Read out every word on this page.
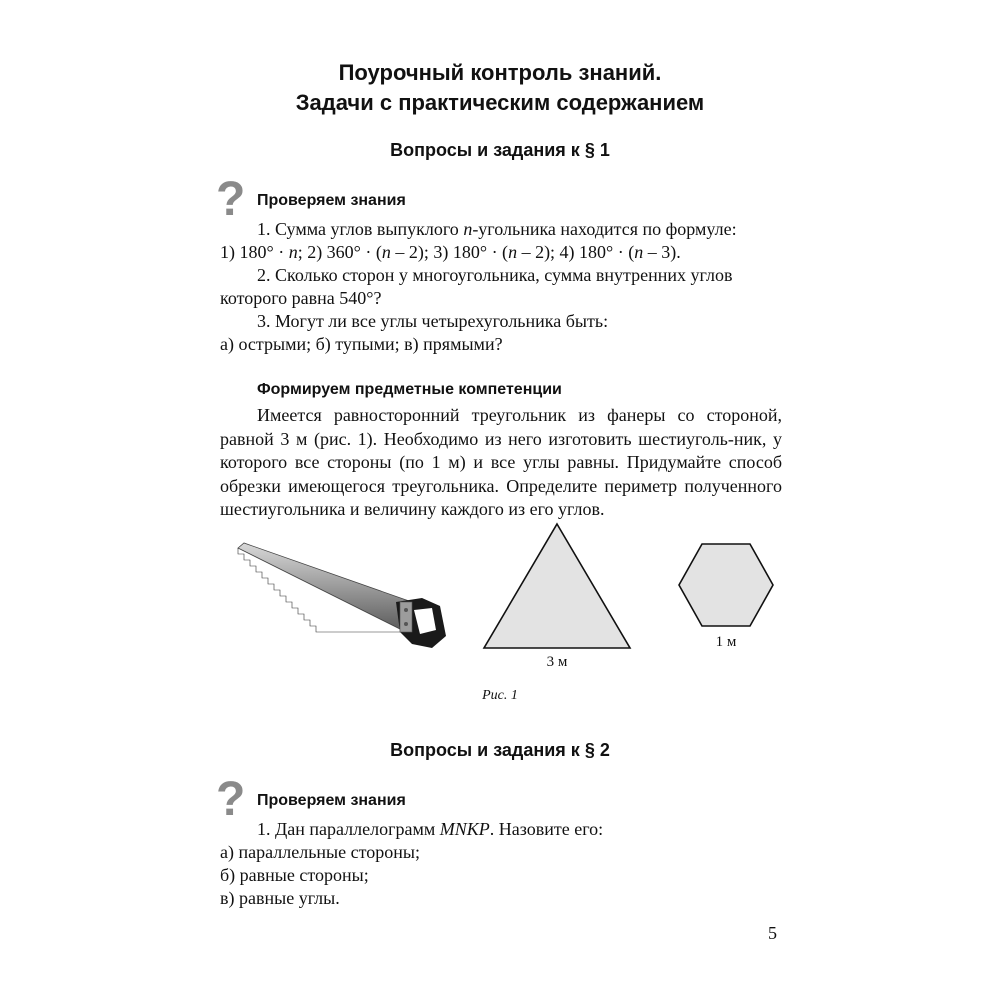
Поурочный контроль знаний.
Задачи с практическим содержанием
Вопросы и задания к § 1
? Проверяем знания
1. Сумма углов выпуклого n-угольника находится по формуле:
1) 180° · n; 2) 360° · (n – 2); 3) 180° · (n – 2); 4) 180° · (n – 3).
2. Сколько сторон у многоугольника, сумма внутренних углов
которого равна 540°?
3. Могут ли все углы четырехугольника быть:
а) острыми; б) тупыми; в) прямыми?
Формируем предметные компетенции
Имеется равносторонний треугольник из фанеры со стороной, равной 3 м (рис. 1). Необходимо из него изготовить шестиуголь-ник, у которого все стороны (по 1 м) и все углы равны. Придумайте способ обрезки имеющегося треугольника. Определите периметр полученного шестиугольника и величину каждого из его углов.
3 м
1 м
Рис. 1
Вопросы и задания к § 2
? Проверяем знания
1. Дан параллелограмм MNKP. Назовите его:
а) параллельные стороны;
б) равные стороны;
в) равные углы.
5
